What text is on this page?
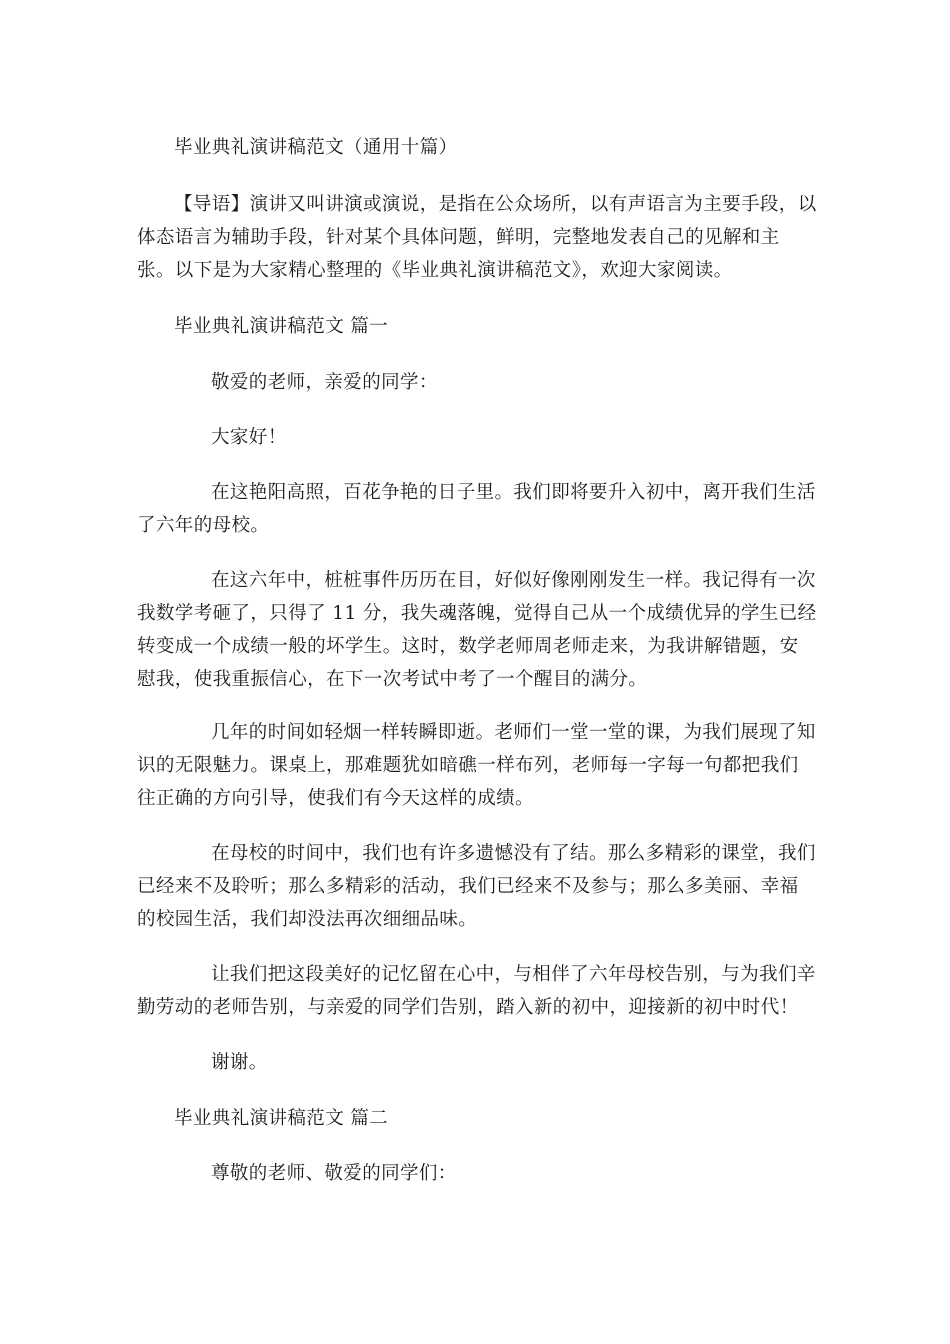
毕业典礼演讲稿范文（通用十篇）

【导语】演讲又叫讲演或演说，是指在公众场所，以有声语言为主要手段，以体态语言为辅助手段，针对某个具体问题，鲜明，完整地发表自己的见解和主张。以下是为大家精心整理的《毕业典礼演讲稿范文》，欢迎大家阅读。

毕业典礼演讲稿范文 篇一

敬爱的老师，亲爱的同学：

大家好！

在这艳阳高照，百花争艳的日子里。我们即将要升入初中，离开我们生活了六年的母校。

在这六年中，桩桩事件历历在目，好似好像刚刚发生一样。我记得有一次我数学考砸了，只得了 11 分，我失魂落魄，觉得自己从一个成绩优异的学生已经转变成一个成绩一般的坏学生。这时，数学老师周老师走来，为我讲解错题，安慰我，使我重振信心，在下一次考试中考了一个醒目的满分。

几年的时间如轻烟一样转瞬即逝。老师们一堂一堂的课，为我们展现了知识的无限魅力。课桌上，那难题犹如暗礁一样布列，老师每一字每一句都把我们往正确的方向引导，使我们有今天这样的成绩。

在母校的时间中，我们也有许多遗憾没有了结。那么多精彩的课堂，我们已经来不及聆听；那么多精彩的活动，我们已经来不及参与；那么多美丽、幸福的校园生活，我们却没法再次细细品味。

让我们把这段美好的记忆留在心中，与相伴了六年母校告别，与为我们辛勤劳动的老师告别，与亲爱的同学们告别，踏入新的初中，迎接新的初中时代！

谢谢。

毕业典礼演讲稿范文 篇二

尊敬的老师、敬爱的同学们：
